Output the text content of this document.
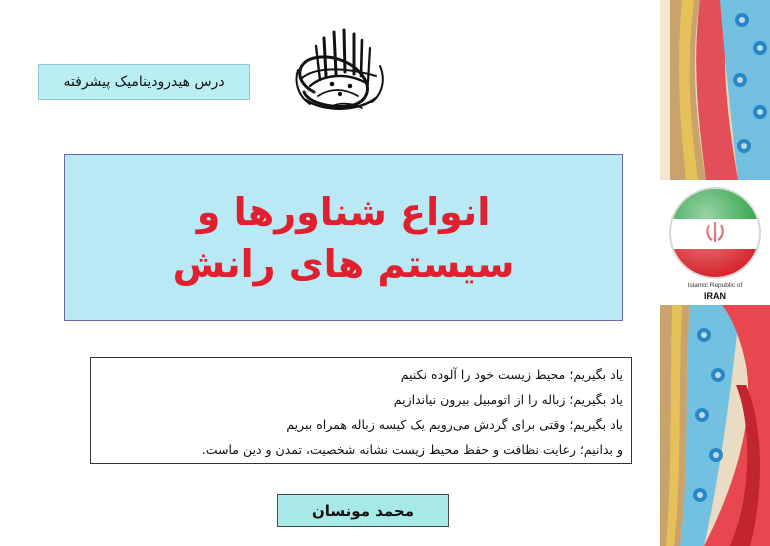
درس هیدرودینامیک پیشرفته
انواع شناورها و
سیستم های رانش
یاد بگیریم؛ محیط زیست خود را آلوده نکنیم
یاد بگیریم؛ زباله را از اتومبیل بیرون نیاندازیم
یاد بگیریم؛ وقتی برای گردش می‌رویم یک کیسه زباله همراه ببریم
و بدانیم؛ رعایت نظافت و حفظ محیط زیست نشانه شخصیت، تمدن و دین ماست.
محمد مونسان
Islamic Republic of
IRAN
